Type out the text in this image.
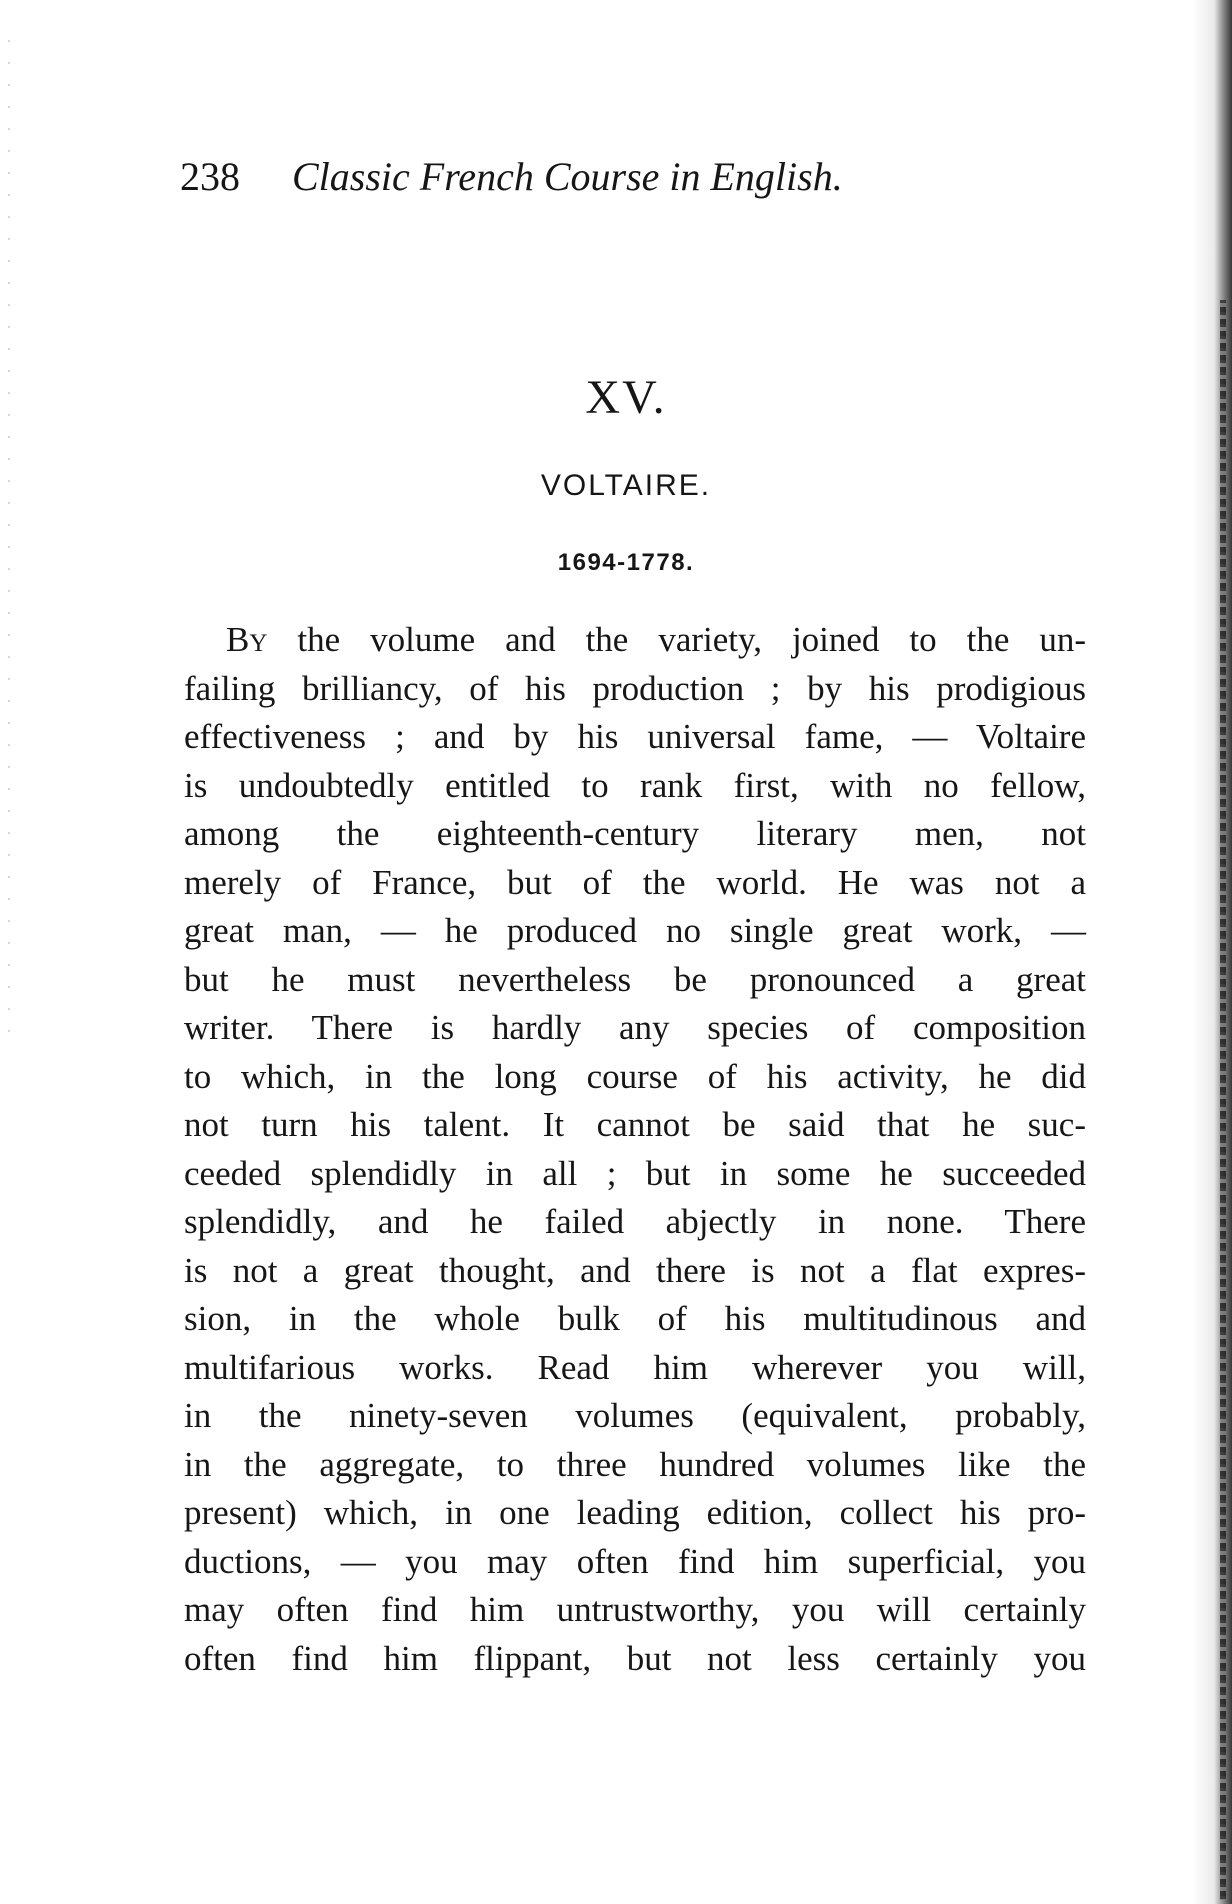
238 Classic French Course in English.
XV.
VOLTAIRE.
1694-1778.
By the volume and the variety, joined to the un-
failing brilliancy, of his production ; by his prodigious
effectiveness ; and by his universal fame, — Voltaire
is undoubtedly entitled to rank first, with no fellow,
among the eighteenth-century literary men, not
merely of France, but of the world. He was not a
great man, — he produced no single great work, —
but he must nevertheless be pronounced a great
writer. There is hardly any species of composition
to which, in the long course of his activity, he did
not turn his talent. It cannot be said that he suc-
ceeded splendidly in all ; but in some he succeeded
splendidly, and he failed abjectly in none. There
is not a great thought, and there is not a flat expres-
sion, in the whole bulk of his multitudinous and
multifarious works. Read him wherever you will,
in the ninety-seven volumes (equivalent, probably,
in the aggregate, to three hundred volumes like the
present) which, in one leading edition, collect his pro-
ductions, — you may often find him superficial, you
may often find him untrustworthy, you will certainly
often find him flippant, but not less certainly you
